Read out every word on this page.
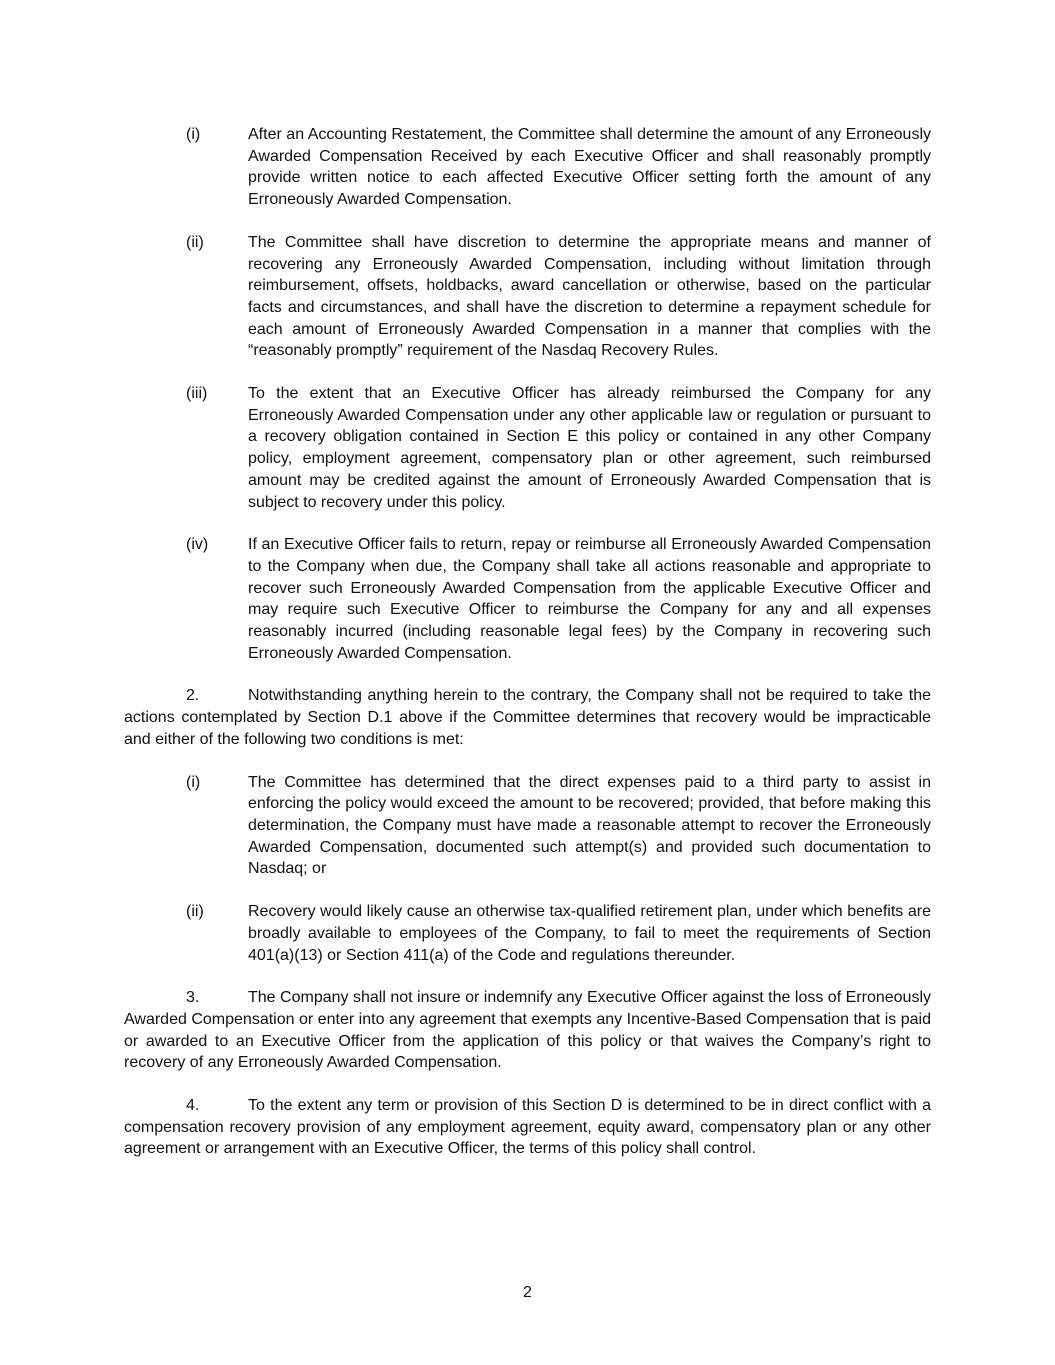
(i)	After an Accounting Restatement, the Committee shall determine the amount of any Erroneously Awarded Compensation Received by each Executive Officer and shall reasonably promptly provide written notice to each affected Executive Officer setting forth the amount of any Erroneously Awarded Compensation.
(ii)	The Committee shall have discretion to determine the appropriate means and manner of recovering any Erroneously Awarded Compensation, including without limitation through reimbursement, offsets, holdbacks, award cancellation or otherwise, based on the particular facts and circumstances, and shall have the discretion to determine a repayment schedule for each amount of Erroneously Awarded Compensation in a manner that complies with the “reasonably promptly” requirement of the Nasdaq Recovery Rules.
(iii)	To the extent that an Executive Officer has already reimbursed the Company for any Erroneously Awarded Compensation under any other applicable law or regulation or pursuant to a recovery obligation contained in Section E this policy or contained in any other Company policy, employment agreement, compensatory plan or other agreement, such reimbursed amount may be credited against the amount of Erroneously Awarded Compensation that is subject to recovery under this policy.
(iv) If an Executive Officer fails to return, repay or reimburse all Erroneously Awarded Compensation to the Company when due, the Company shall take all actions reasonable and appropriate to recover such Erroneously Awarded Compensation from the applicable Executive Officer and may require such Executive Officer to reimburse the Company for any and all expenses reasonably incurred (including reasonable legal fees) by the Company in recovering such Erroneously Awarded Compensation.
2.	Notwithstanding anything herein to the contrary, the Company shall not be required to take the actions contemplated by Section D.1 above if the Committee determines that recovery would be impracticable and either of the following two conditions is met:
(i)	The Committee has determined that the direct expenses paid to a third party to assist in enforcing the policy would exceed the amount to be recovered; provided, that before making this determination, the Company must have made a reasonable attempt to recover the Erroneously Awarded Compensation, documented such attempt(s) and provided such documentation to Nasdaq; or
(ii)	Recovery would likely cause an otherwise tax-qualified retirement plan, under which benefits are broadly available to employees of the Company, to fail to meet the requirements of Section 401(a)(13) or Section 411(a) of the Code and regulations thereunder.
3.	The Company shall not insure or indemnify any Executive Officer against the loss of Erroneously Awarded Compensation or enter into any agreement that exempts any Incentive-Based Compensation that is paid or awarded to an Executive Officer from the application of this policy or that waives the Company’s right to recovery of any Erroneously Awarded Compensation.
4.	To the extent any term or provision of this Section D is determined to be in direct conflict with a compensation recovery provision of any employment agreement, equity award, compensatory plan or any other agreement or arrangement with an Executive Officer, the terms of this policy shall control.
2
